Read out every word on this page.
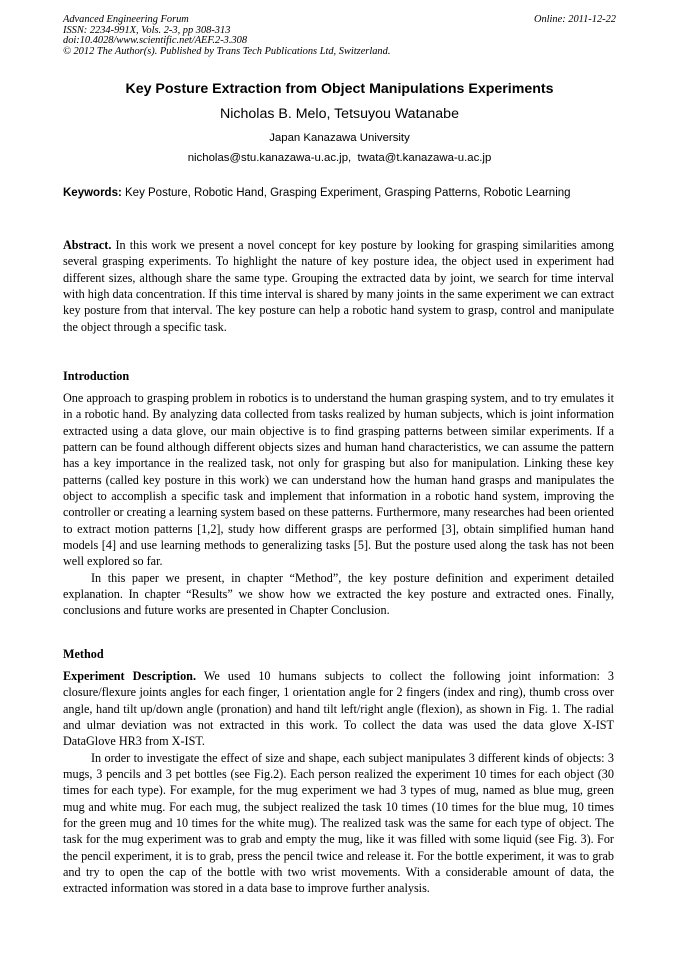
Advanced Engineering Forum	Online: 2011-12-22
ISSN: 2234-991X, Vols. 2-3, pp 308-313
doi:10.4028/www.scientific.net/AEF.2-3.308
© 2012 The Author(s). Published by Trans Tech Publications Ltd, Switzerland.
Key Posture Extraction from Object Manipulations Experiments
Nicholas B. Melo, Tetsuyou Watanabe
Japan Kanazawa University
nicholas@stu.kanazawa-u.ac.jp,  twata@t.kanazawa-u.ac.jp
Keywords: Key Posture, Robotic Hand, Grasping Experiment, Grasping Patterns, Robotic Learning

Abstract. In this work we present a novel concept for key posture by looking for grasping similarities among several grasping experiments. To highlight the nature of key posture idea, the object used in experiment had different sizes, although share the same type. Grouping the extracted data by joint, we search for time interval with high data concentration. If this time interval is shared by many joints in the same experiment we can extract key posture from that interval. The key posture can help a robotic hand system to grasp, control and manipulate the object through a specific task.

Introduction

One approach to grasping problem in robotics is to understand the human grasping system, and to try emulates it in a robotic hand. By analyzing data collected from tasks realized by human subjects, which is joint information extracted using a data glove, our main objective is to find grasping patterns between similar experiments. If a pattern can be found although different objects sizes and human hand characteristics, we can assume the pattern has a key importance in the realized task, not only for grasping but also for manipulation. Linking these key patterns (called key posture in this work) we can understand how the human hand grasps and manipulates the object to accomplish a specific task and implement that information in a robotic hand system, improving the controller or creating a learning system based on these patterns. Furthermore, many researches had been oriented to extract motion patterns [1,2], study how different grasps are performed [3], obtain simplified human hand models [4] and use learning methods to generalizing tasks [5]. But the posture used along the task has not been well explored so far.

In this paper we present, in chapter “Method”, the key posture definition and experiment detailed explanation. In chapter “Results” we show how we extracted the key posture and extracted ones. Finally, conclusions and future works are presented in Chapter Conclusion.

Method

Experiment Description. We used 10 humans subjects to collect the following joint information: 3 closure/flexure joints angles for each finger, 1 orientation angle for 2 fingers (index and ring), thumb cross over angle, hand tilt up/down angle (pronation) and hand tilt left/right angle (flexion), as shown in Fig. 1. The radial and ulmar deviation was not extracted in this work. To collect the data was used the data glove X-IST DataGlove HR3 from X-IST.

In order to investigate the effect of size and shape, each subject manipulates 3 different kinds of objects: 3 mugs, 3 pencils and 3 pet bottles (see Fig.2). Each person realized the experiment 10 times for each object (30 times for each type). For example, for the mug experiment we had 3 types of mug, named as blue mug, green mug and white mug. For each mug, the subject realized the task 10 times (10 times for the blue mug, 10 times for the green mug and 10 times for the white mug). The realized task was the same for each type of object. The task for the mug experiment was to grab and empty the mug, like it was filled with some liquid (see Fig. 3). For the pencil experiment, it is to grab, press the pencil twice and release it. For the bottle experiment, it was to grab and try to open the cap of the bottle with two wrist movements. With a considerable amount of data, the extracted information was stored in a data base to improve further analysis.
